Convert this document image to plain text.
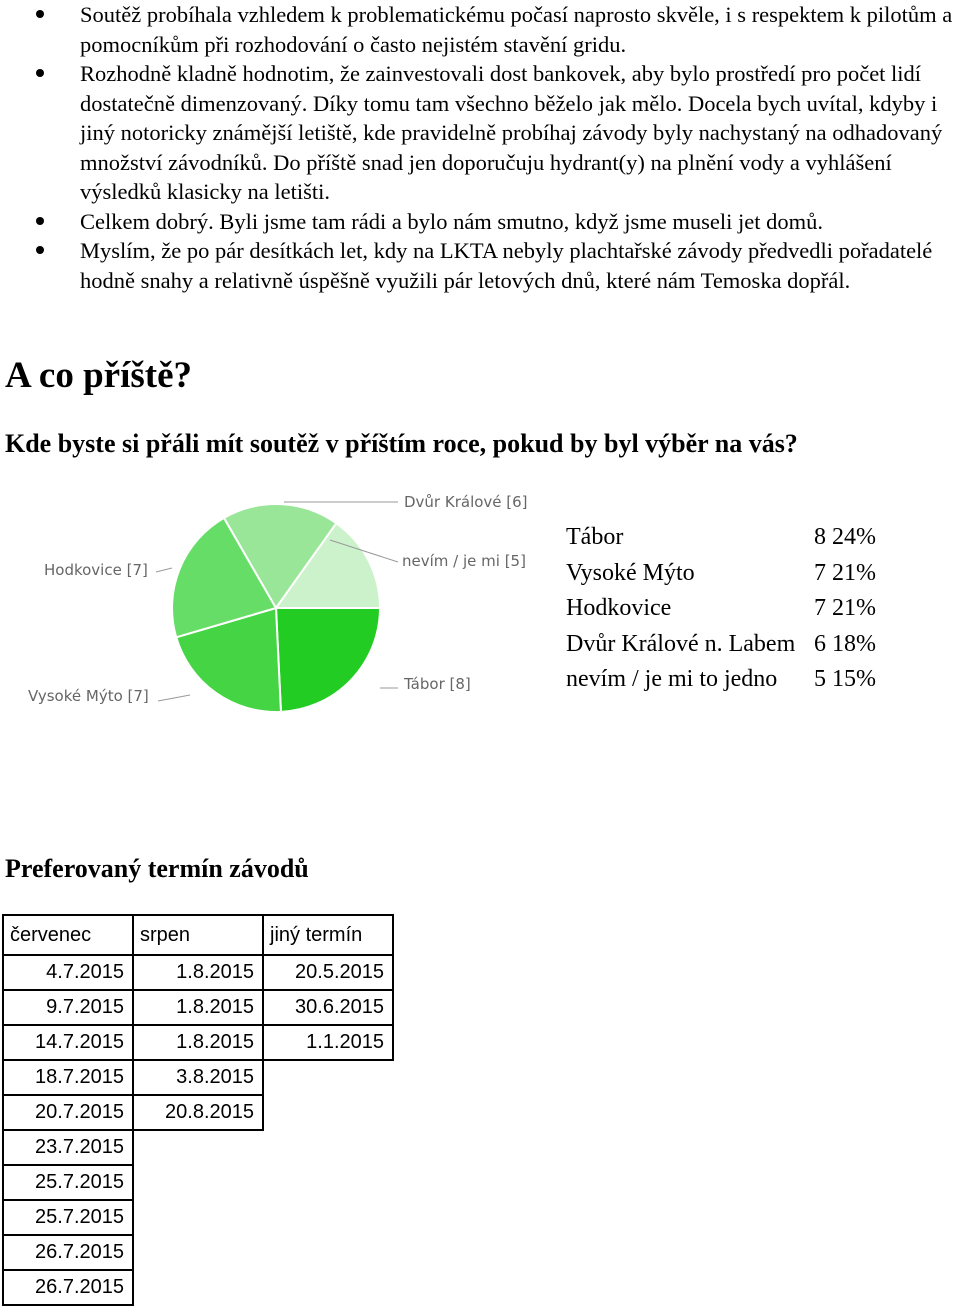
Soutěž probíhala vzhledem k problematickému počasí naprosto skvěle, i s respektem k pilotům a pomocníkům při rozhodování o často nejistém stavění gridu.
Rozhodně kladně hodnotim, že zainvestovali dost bankovek, aby bylo prostředí pro počet lidí dostatečně dimenzovaný. Díky tomu tam všechno běželo jak mělo. Docela bych uvítal, kdyby i jiný notoricky známější letiště, kde pravidelně probíhaj závody byly nachystaný na odhadovaný množství závodníků. Do příště snad jen doporučuju hydrant(y) na plnění vody a vyhlášení výsledků klasicky na letišti.
Celkem dobrý. Byli jsme tam rádi a bylo nám smutno, když jsme museli jet domů.
Myslím, že po pár desítkách let, kdy na LKTA nebyly plachtařské závody předvedli pořadatelé hodně snahy a relativně úspěšně využili pár letových dnů, které nám Temoska dopřál.
A co příště?
Kde byste si přáli mít soutěž v příštím roce, pokud by byl výběr na vás?
Tábor [8]
Vysoké Mýto [7]
Hodkovice [7]
Dvůr Králové [6]
nevím / je mi [5]
Tábor	8 24%
Vysoké Mýto	7 21%
Hodkovice	7 21%
Dvůr Králové n. Labem 6 18%
nevím / je mi to jedno 5 15%
Preferovaný termín závodů
červenec	srpen	jiný termín
4.7.2015	1.8.2015	20.5.2015
9.7.2015	1.8.2015	30.6.2015
14.7.2015	1.8.2015	1.1.2015
18.7.2015	3.8.2015	
20.7.2015	20.8.2015	
23.7.2015		
25.7.2015		
25.7.2015		
26.7.2015		
26.7.2015		
